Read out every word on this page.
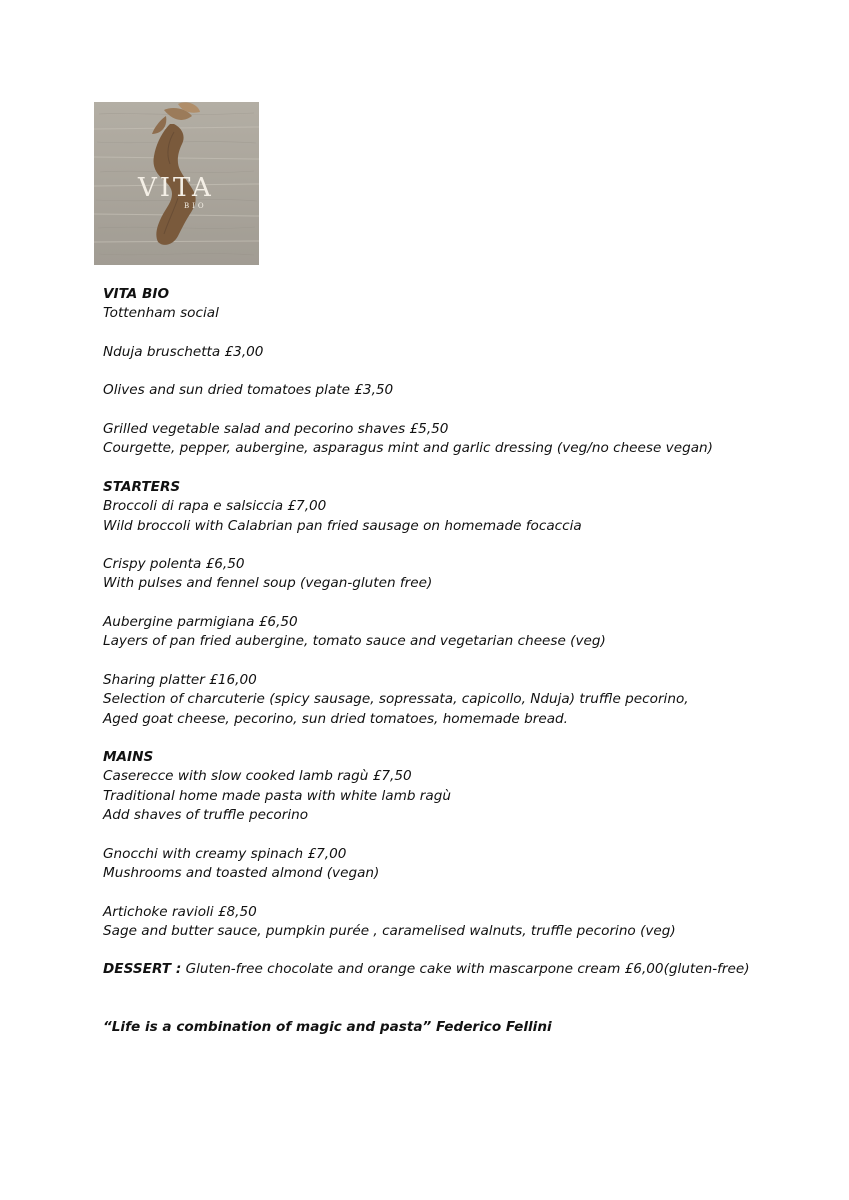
VITA
BIO
VITA BIO
Tottenham social
Nduja bruschetta £3,00
Olives and sun dried tomatoes plate £3,50
Grilled vegetable salad and pecorino shaves £5,50
Courgette, pepper, aubergine, asparagus mint and garlic dressing (veg/no cheese vegan)
STARTERS
Broccoli di rapa e salsiccia £7,00
Wild broccoli with Calabrian pan fried sausage on homemade focaccia
Crispy polenta £6,50
With pulses and fennel soup (vegan-gluten free)
Aubergine parmigiana £6,50
Layers of pan fried aubergine, tomato sauce and vegetarian cheese (veg)
Sharing platter £16,00
Selection of charcuterie (spicy sausage, sopressata, capicollo, Nduja) truffle pecorino,
Aged goat cheese, pecorino, sun dried tomatoes, homemade bread.
MAINS
Caserecce with slow cooked lamb ragù £7,50
Traditional home made pasta with white lamb ragù
Add shaves of truffle pecorino
Gnocchi with creamy spinach £7,00
Mushrooms and toasted almond (vegan)
Artichoke ravioli £8,50
Sage and butter sauce, pumpkin purée , caramelised walnuts, truffle pecorino (veg)
DESSERT : Gluten-free chocolate and orange cake with mascarpone cream £6,00(gluten-free)
“Life is a combination of magic and pasta” Federico Fellini
